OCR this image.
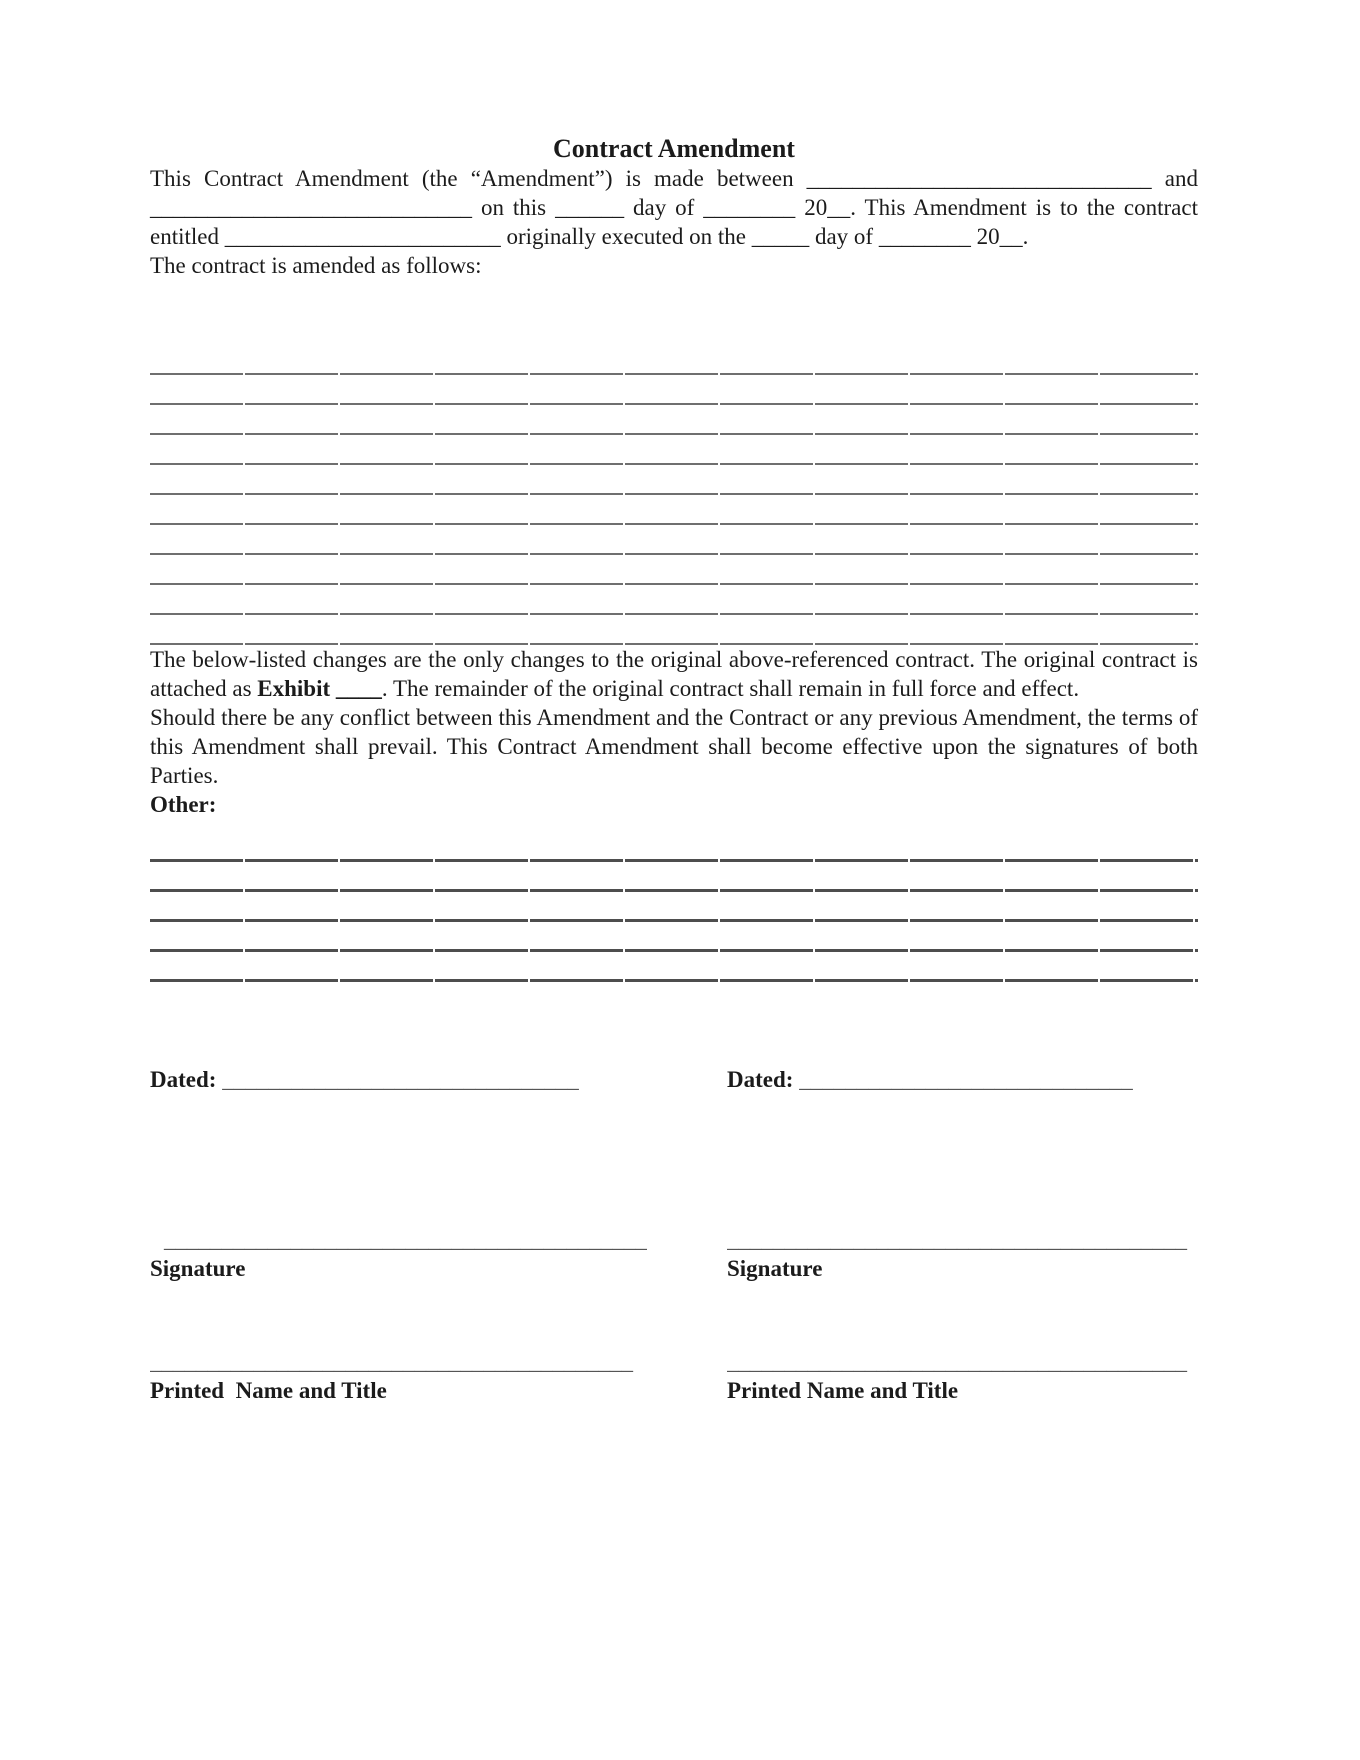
Contract Amendment

This Contract Amendment (the “Amendment”) is made between ______________________________ and ____________________________ on this ______ day of ________ 20__. This Amendment is to the contract entitled ________________________ originally executed on the _____ day of ________ 20__.

The contract is amended as follows:

The below-listed changes are the only changes to the original above-referenced contract. The original contract is attached as Exhibit ____. The remainder of the original contract shall remain in full force and effect.

Should there be any conflict between this Amendment and the Contract or any previous Amendment, the terms of this Amendment shall prevail. This Contract Amendment shall become effective upon the signatures of both Parties.

Other:

Dated: _______________________________	Dated: _____________________________
__________________________________________
Signature
________________________________________
Signature
__________________________________________
Printed  Name and Title
________________________________________
Printed Name and Title
